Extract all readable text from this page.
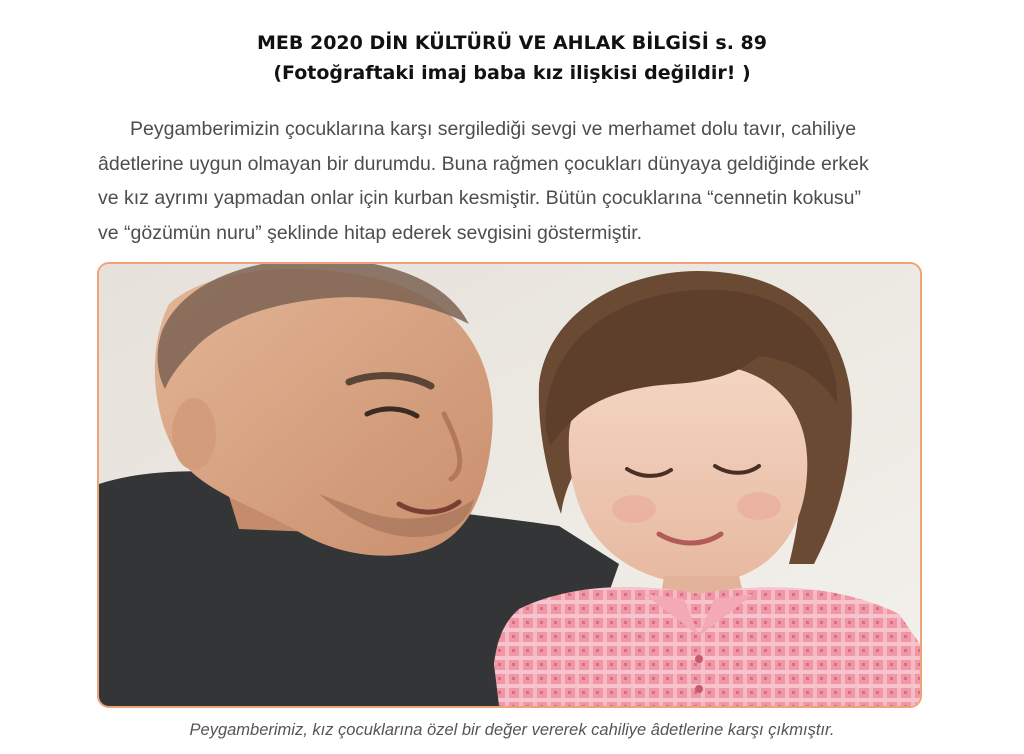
MEB 2020 DİN KÜLTÜRÜ VE AHLAK BİLGİSİ s. 89
(Fotoğraftaki imaj baba kız ilişkisi değildir! )
Peygamberimizin çocuklarına karşı sergilediği sevgi ve merhamet dolu tavır, cahiliye
âdetlerine uygun olmayan bir durumdu. Buna rağmen çocukları dünyaya geldiğinde erkek
ve kız ayrımı yapmadan onlar için kurban kesmiştir. Bütün çocuklarına “cennetin kokusu”
ve “gözümün nuru” şeklinde hitap ederek sevgisini göstermiştir.
Peygamberimiz, kız çocuklarına özel bir değer vererek cahiliye âdetlerine karşı çıkmıştır.
